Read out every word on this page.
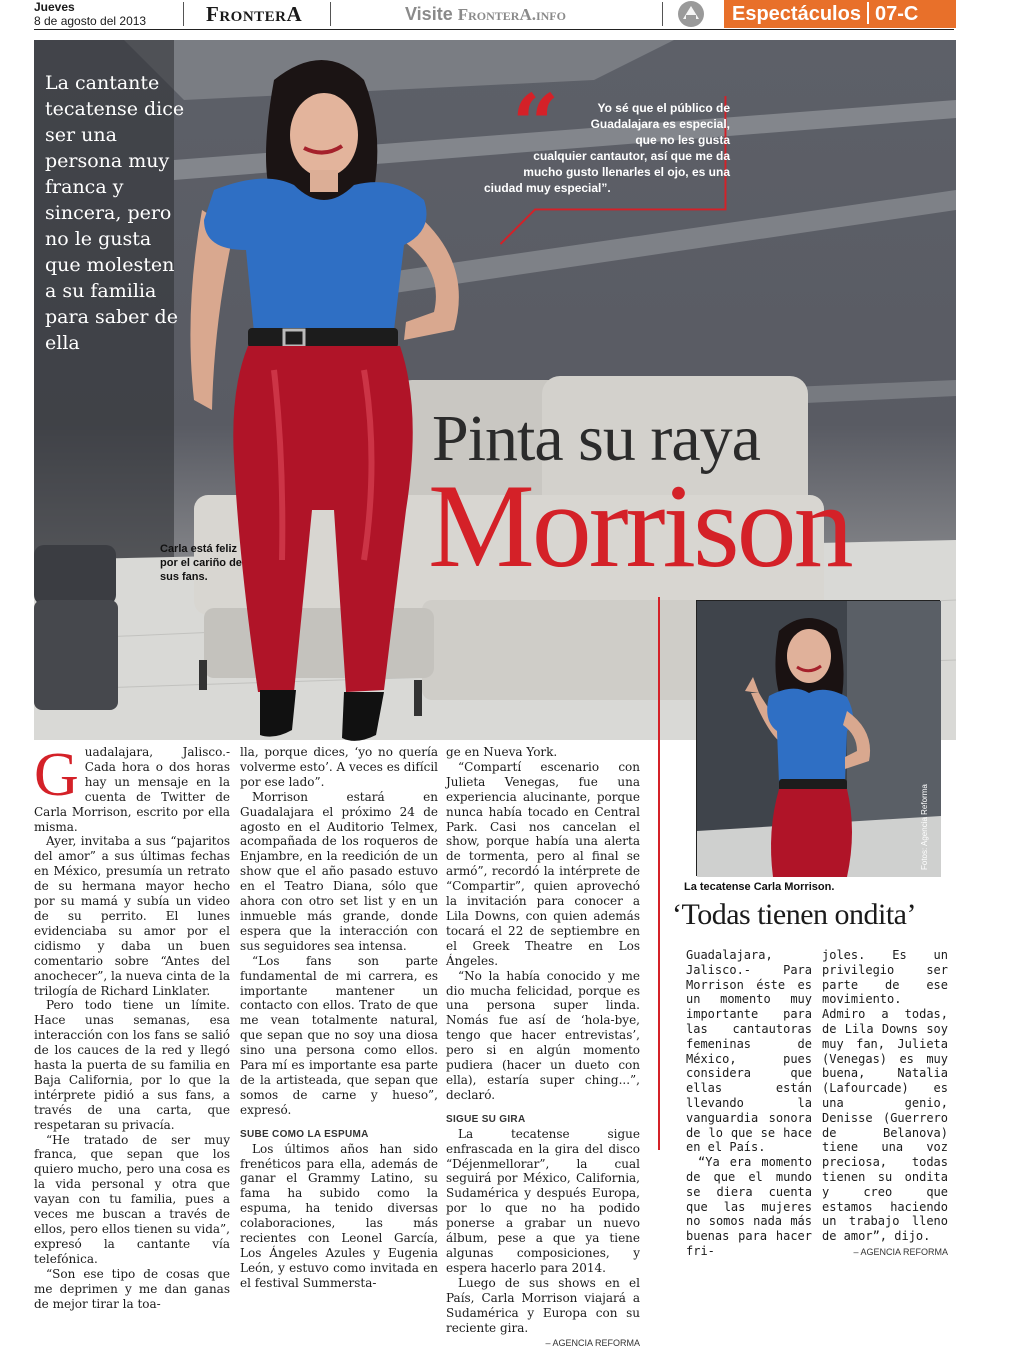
Jueves
8 de agosto del 2013	FronterA	Visite FronterA.info	Espectáculos 07-C
La cantante tecatense dice ser una persona muy franca y sincera, pero no le gusta que molesten a su familia para saber de ella
“	Yo sé que el público de
Guadalajara es especial,
que no les gusta
cualquier cantautor, así que me da
mucho gusto llenarles el ojo, es una
ciudad muy especial”.
Carla está feliz por el cariño de sus fans.
Pinta su raya
Morrison
G uadalajara, Jalisco.- Cada hora o dos horas hay un mensaje en la cuenta de Twitter de Carla Morrison, escrito por ella misma.

Ayer, invitaba a sus “pajaritos del amor” a sus últimas fechas en México, presumía un retrato de su hermana mayor hecho por su mamá y subía un video de su perrito. El lunes evidenciaba su amor por el cidismo y daba un buen comentario sobre “Antes del anochecer”, la nueva cinta de la trilogía de Richard Linklater.

Pero todo tiene un límite. Hace unas semanas, esa interacción con los fans se salió de los cauces de la red y llegó hasta la puerta de su familia en Baja California, por lo que la intérprete pidió a sus fans, a través de una carta, que respetaran su privacía.

“He tratado de ser muy franca, que sepan que los quiero mucho, pero una cosa es la vida personal y otra que vayan con tu familia, pues a veces me buscan a través de ellos, pero ellos tienen su vida”, expresó la cantante vía telefónica.

“Son ese tipo de cosas que me deprimen y me dan ganas de mejor tirar la toa-

lla, porque dices, ‘yo no quería volverme esto’. A veces es difícil por ese lado”.

Morrison estará en Guadalajara el próximo 24 de agosto en el Auditorio Telmex, acompañada de los roqueros de Enjambre, en la reedición de un show que el año pasado estuvo en el Teatro Diana, sólo que ahora con otro set list y en un inmueble más grande, donde espera que la interacción con sus seguidores sea intensa.

“Los fans son parte fundamental de mi carrera, es importante mantener un contacto con ellos. Trato de que me vean totalmente natural, que sepan que no soy una diosa sino una persona como ellos. Para mí es importante esa parte de la artisteada, que sepan que somos de carne y hueso”, expresó.

SUBE COMO LA ESPUMA

Los últimos años han sido frenéticos para ella, además de ganar el Grammy Latino, su fama ha subido como la espuma, ha tenido diversas colaboraciones, las más recientes con Leonel García, Los Ángeles Azules y Eugenia León, y estuvo como invitada en el festival Summersta-

ge en Nueva York.

“Compartí escenario con Julieta Venegas, fue una experiencia alucinante, porque nunca había tocado en Central Park. Casi nos cancelan el show, porque había una alerta de tormenta, pero al final se armó”, recordó la intérprete de “Compartir”, quien aprovechó la invitación para conocer a Lila Downs, con quien además tocará el 22 de septiembre en el Greek Theatre en Los Ángeles.

“No la había conocido y me dio mucha felicidad, porque es una persona super linda. Nomás fue así de ‘hola-bye, tengo que hacer entrevistas’, pero si en algún momento pudiera (hacer un dueto con ella), estaría super ching...”, declaró.

SIGUE SU GIRA

La tecatense sigue enfrascada en la gira del disco “Déjenmellorar”, la cual seguirá por México, California, Sudamérica y después Europa, por lo que no ha podido ponerse a grabar un nuevo álbum, pese a que ya tiene algunas composiciones, y espera hacerlo para 2014.

Luego de sus shows en el País, Carla Morrison viajará a Sudamérica y Europa con su reciente gira.

– AGENCIA REFORMA

Fotos: Agencia Reforma
La tecatense Carla Morrison.
‘Todas tienen ondita’

Guadalajara, Jalisco.- Para Morrison éste es un momento muy importante para las cantautoras femeninas de México, pues considera que ellas están llevando la vanguardia sonora de lo que se hace en el País.

“Ya era momento de que el mundo se diera cuenta que las mujeres no somos nada más buenas para hacer fri-

joles. Es un privilegio ser parte de ese movimiento. Admiro a todas, de Lila Downs soy muy fan, Julieta (Venegas) es muy buena, Natalia (Lafourcade) es una genio, Denisse (Guerrero de Belanova) tiene una voz preciosa, todas tienen su ondita y creo que estamos haciendo un trabajo lleno de amor”, dijo.

– AGENCIA REFORMA
